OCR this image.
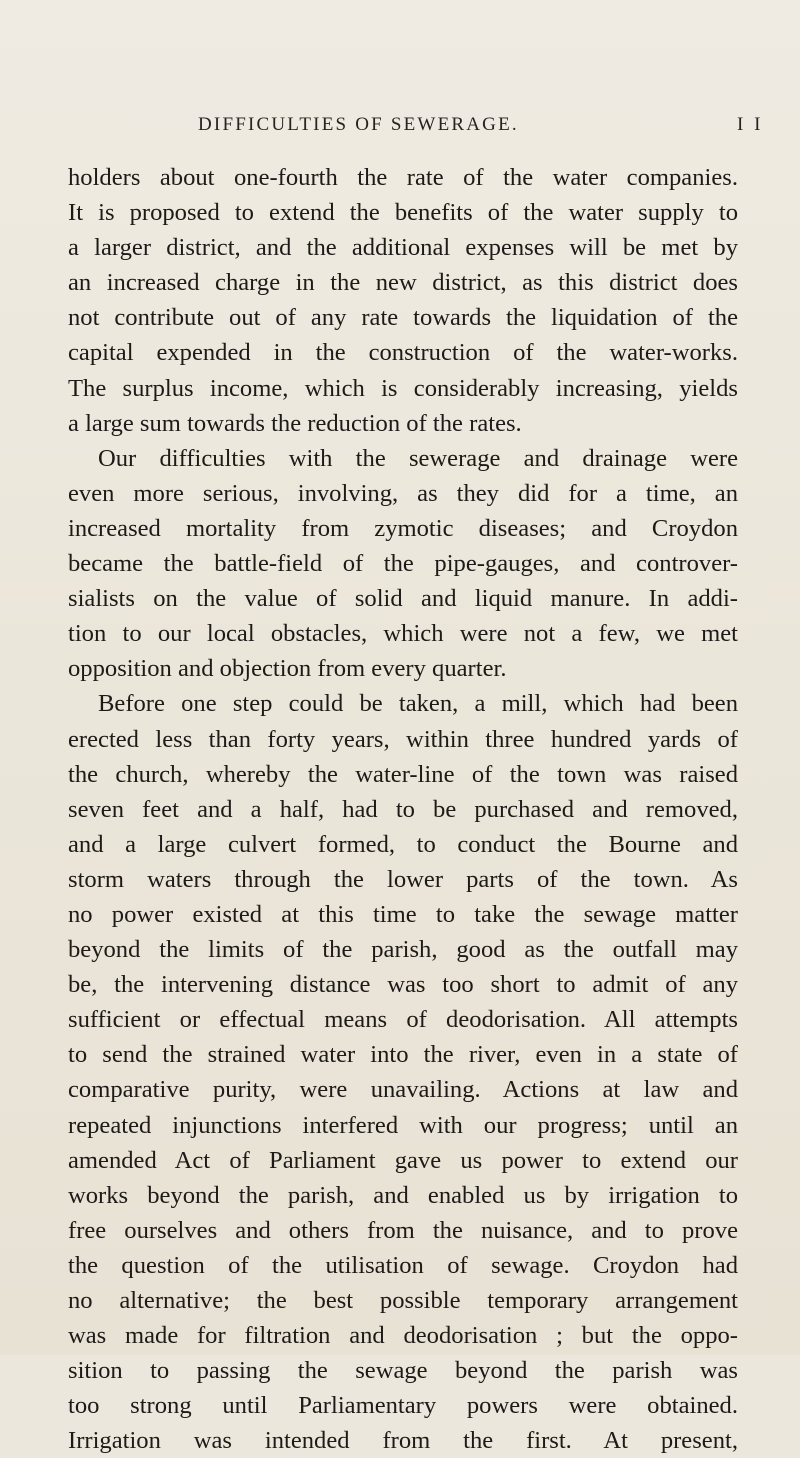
DIFFICULTIES OF SEWERAGE.	I I
holders about one-fourth the rate of the water companies.
It is proposed to extend the benefits of the water supply to
a larger district, and the additional expenses will be met by
an increased charge in the new district, as this district does
not contribute out of any rate towards the liquidation of the
capital expended in the construction of the water-works.
The surplus income, which is considerably increasing, yields
a large sum towards the reduction of the rates.
Our difficulties with the sewerage and drainage were
even more serious, involving, as they did for a time, an
increased mortality from zymotic diseases; and Croydon
became the battle-field of the pipe-gauges, and controver-
sialists on the value of solid and liquid manure. In addi-
tion to our local obstacles, which were not a few, we met
opposition and objection from every quarter.
Before one step could be taken, a mill, which had been
erected less than forty years, within three hundred yards of
the church, whereby the water-line of the town was raised
seven feet and a half, had to be purchased and removed,
and a large culvert formed, to conduct the Bourne and
storm waters through the lower parts of the town. As
no power existed at this time to take the sewage matter
beyond the limits of the parish, good as the outfall may
be, the intervening distance was too short to admit of any
sufficient or effectual means of deodorisation. All attempts
to send the strained water into the river, even in a state of
comparative purity, were unavailing. Actions at law and
repeated injunctions interfered with our progress; until an
amended Act of Parliament gave us power to extend our
works beyond the parish, and enabled us by irrigation to
free ourselves and others from the nuisance, and to prove
the question of the utilisation of sewage. Croydon had
no alternative; the best possible temporary arrangement
was made for filtration and deodorisation ; but the oppo-
sition to passing the sewage beyond the parish was
too strong until Parliamentary powers were obtained.
Irrigation was intended from the first. At present,
